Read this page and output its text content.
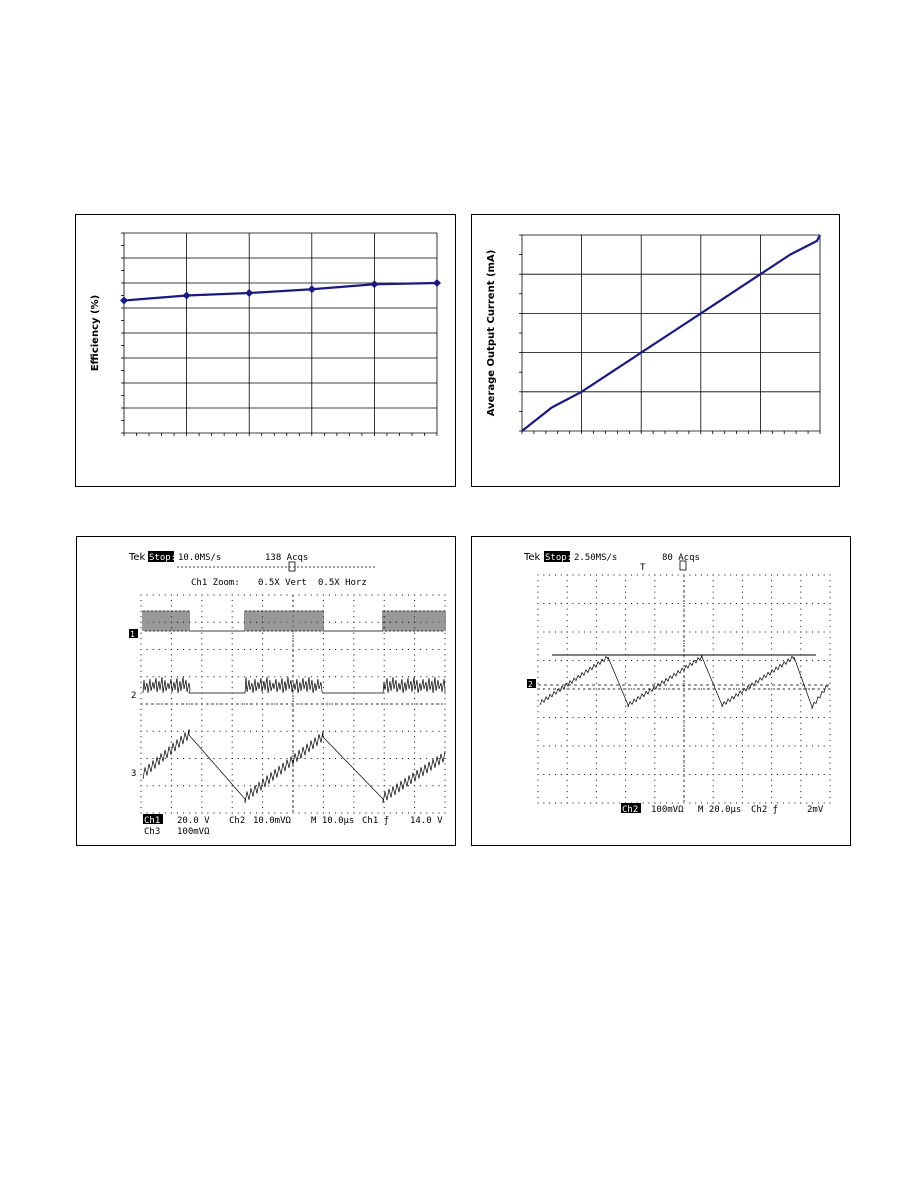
Efficiency (%)	Average Output Current (mA)
Tek Stop: 10.0MS/s	138 Acqs
Ch1 Zoom: 0.5X Vert 0.5X Horz
1
2
3
Ch1 20.0 V Ch2 10.0mVΩ M 10.0µs Ch1 ƒ 14.0 V
Ch3 100mVΩ
Tek Stop: 2.50MS/s	80 Acqs
T
2
Ch2 100mVΩ M 20.0µs Ch2 ƒ	2mV
